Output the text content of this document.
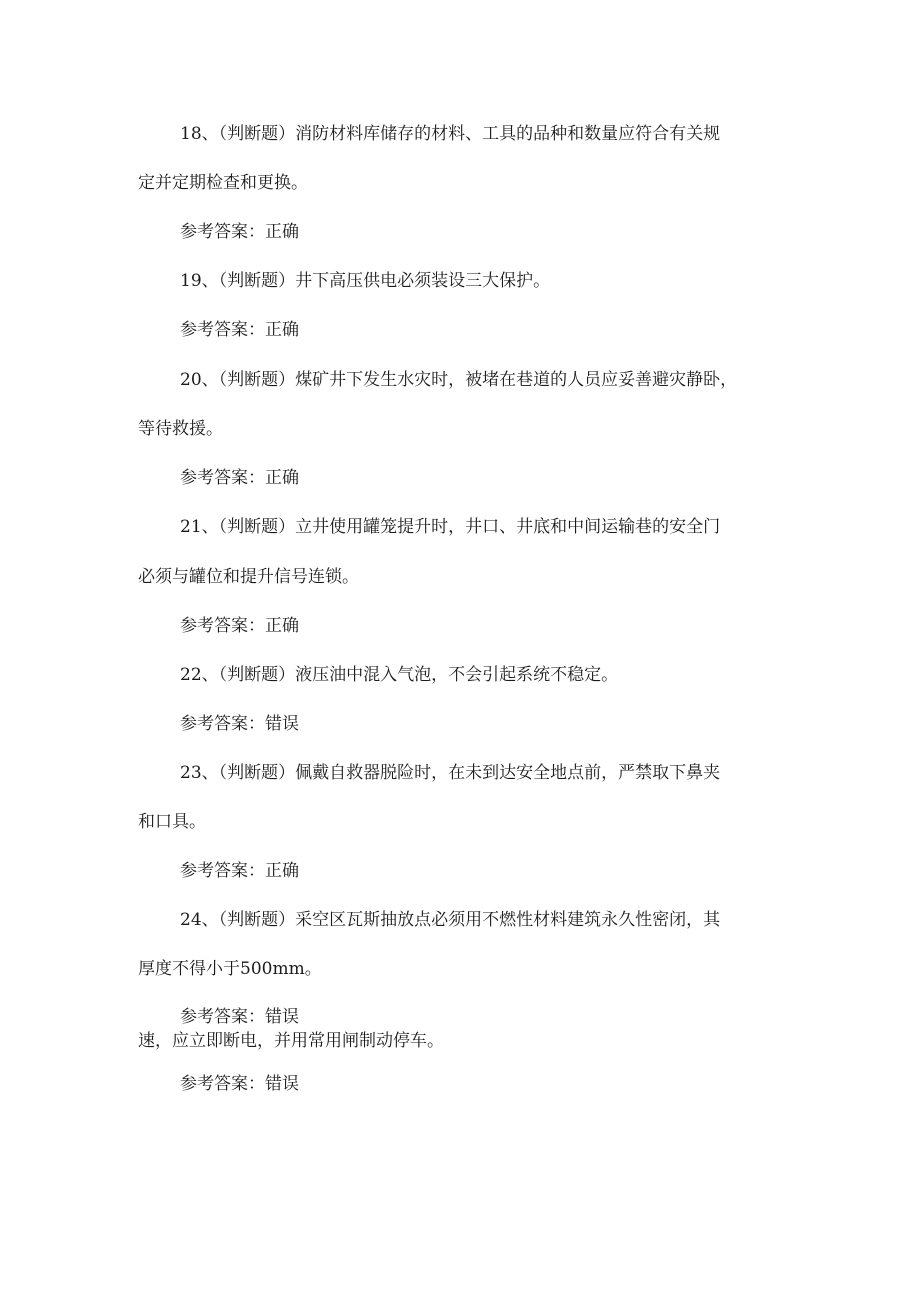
18、（判断题）消防材料库储存的材料、工具的品种和数量应符合有关规
定并定期检查和更换。
参考答案：正确
19、（判断题）井下高压供电必须装设三大保护。
参考答案：正确
20、（判断题）煤矿井下发生水灾时，被堵在巷道的人员应妥善避灾静卧，
等待救援。
参考答案：正确
21、（判断题）立井使用罐笼提升时，井口、井底和中间运输巷的安全门
必须与罐位和提升信号连锁。
参考答案：正确
22、（判断题）液压油中混入气泡，不会引起系统不稳定。
参考答案：错误
23、（判断题）佩戴自救器脱险时，在未到达安全地点前，严禁取下鼻夹
和口具。
参考答案：正确
24、（判断题）采空区瓦斯抽放点必须用不燃性材料建筑永久性密闭，其
厚度不得小于500mm。
参考答案：错误
速，应立即断电，并用常用闸制动停车。
参考答案：错误
